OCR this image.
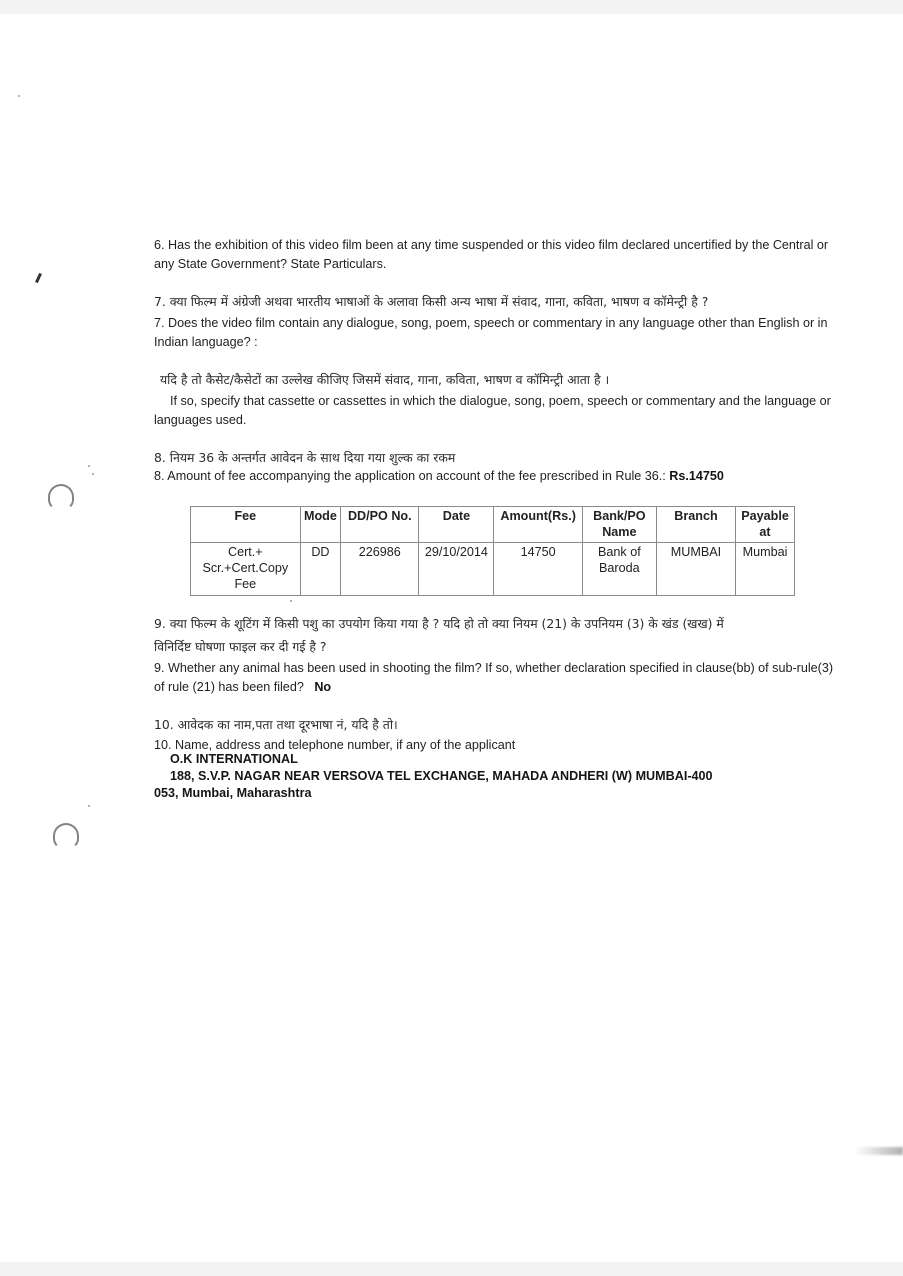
6. Has the exhibition of this video film been at any time suspended or this video film declared uncertified by the Central or any State Government? State Particulars.
7. क्या फिल्म में अंग्रेजी अथवा भारतीय भाषाओं के अलावा किसी अन्य भाषा में संवाद, गाना, कविता, भाषण व कॉमेन्ट्री है ?
7. Does the video film contain any dialogue, song, poem, speech or commentary in any language other than English or in Indian language? :
यदि है तो कैसेट/कैसेटों का उल्लेख कीजिए जिसमें संवाद, गाना, कविता, भाषण व कॉमिन्ट्री आता है ।
If so, specify that cassette or cassettes in which the dialogue, song, poem, speech or commentary and the language or languages used.
8. नियम 36 के अन्तर्गत आवेदन के साथ दिया गया शुल्क का रकम
8. Amount of fee accompanying the application on account of the fee prescribed in Rule 36.: Rs.14750
Fee	Mode	DD/PO No.	Date	Amount(Rs.)	Bank/PO Name	Branch	Payable at
Cert.+ Scr.+Cert.Copy Fee	DD	226986	29/10/2014	14750	Bank of Baroda	MUMBAI	Mumbai
9. क्या फिल्म के शूटिंग में किसी पशु का उपयोग किया गया है ? यदि हो तो क्या नियम (21) के उपनियम (3) के खंड (खख) में
विनिर्दिष्ट घोषणा फाइल कर दी गई है ?
9. Whether any animal has been used in shooting the film? If so, whether declaration specified in clause(bb) of sub-rule(3) of rule (21) has been filed? No
10. आवेदक का नाम,पता तथा दूरभाषा नं, यदि है तो।
10. Name, address and telephone number, if any of the applicant
O.K INTERNATIONAL
188, S.V.P. NAGAR NEAR VERSOVA TEL EXCHANGE, MAHADA ANDHERI (W) MUMBAI-400
053, Mumbai, Maharashtra
